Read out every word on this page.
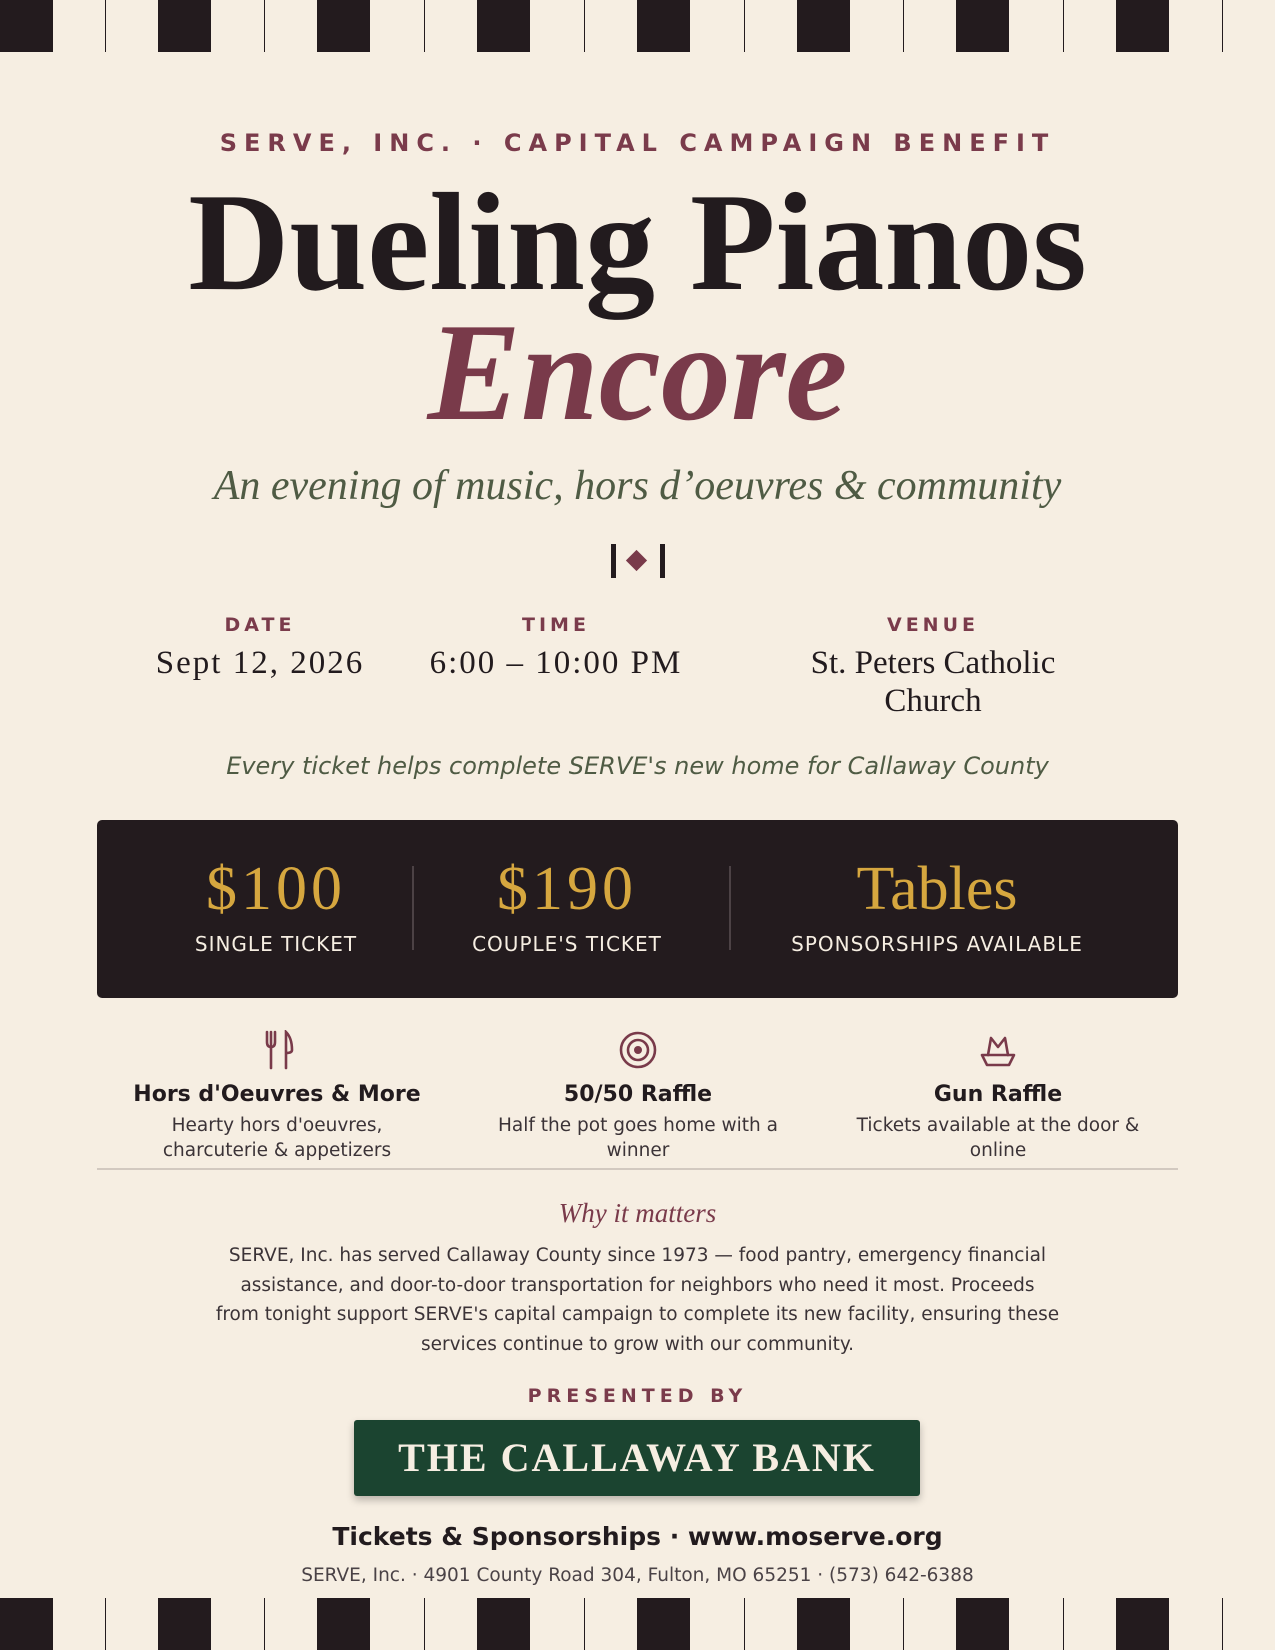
SERVE, INC. · CAPITAL CAMPAIGN BENEFIT
Dueling Pianos
Encore
An evening of music, hors d’oeuvres & community
DATE
Sept 12, 2026
TIME
6:00 – 10:00 PM
VENUE
St. Peters Catholic
Church
Every ticket helps complete SERVE's new home for Callaway County
$100
SINGLE TICKET
$190
COUPLE'S TICKET
Tables
SPONSORSHIPS AVAILABLE
Hors d'Oeuvres & More
Hearty hors d'oeuvres,
charcuterie & appetizers
50/50 Raffle
Half the pot goes home with a
winner
Gun Raffle
Tickets available at the door &
online
Why it matters
SERVE, Inc. has served Callaway County since 1973 — food pantry, emergency financial
assistance, and door-to-door transportation for neighbors who need it most. Proceeds
from tonight support SERVE's capital campaign to complete its new facility, ensuring these
services continue to grow with our community.
PRESENTED BY
THE CALLAWAY BANK
Tickets & Sponsorships · www.moserve.org
SERVE, Inc. · 4901 County Road 304, Fulton, MO 65251 · (573) 642-6388
